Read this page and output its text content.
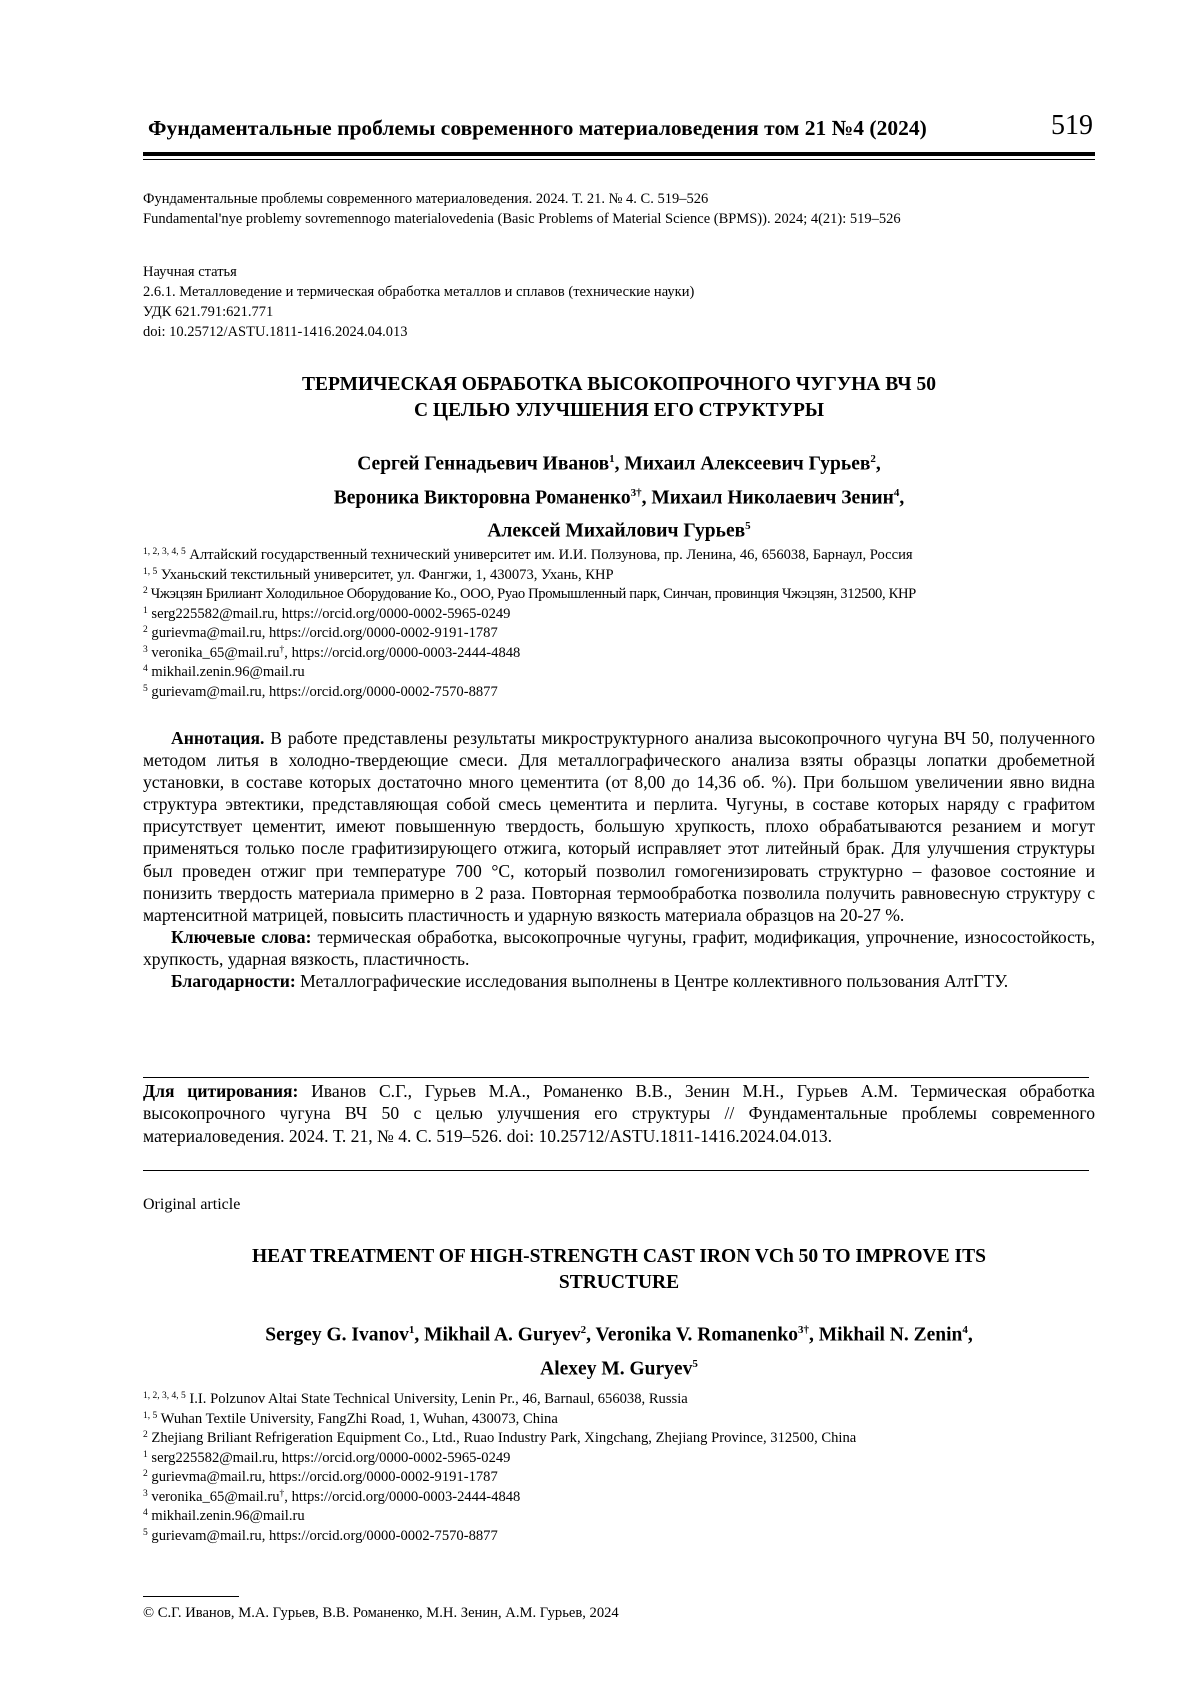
Фундаментальные проблемы современного материаловедения том 21 №4 (2024)	519
Фундаментальные проблемы современного материаловедения. 2024. Т. 21. № 4. С. 519–526
Fundamental'nye problemy sovremennogo materialovedenia (Basic Problems of Material Science (BPMS)). 2024; 4(21): 519–526
Научная статья
2.6.1. Металловедение и термическая обработка металлов и сплавов (технические науки)
УДК 621.791:621.771
doi: 10.25712/ASTU.1811-1416.2024.04.013
ТЕРМИЧЕСКАЯ ОБРАБОТКА ВЫСОКОПРОЧНОГО ЧУГУНА ВЧ 50
С ЦЕЛЬЮ УЛУЧШЕНИЯ ЕГО СТРУКТУРЫ
Сергей Геннадьевич Иванов$^1$, Михаил Алексеевич Гурьев$^2$,
Вероника Викторовна Романенко$^{3\dagger}$, Михаил Николаевич Зенин$^4$,
Алексей Михайлович Гурьев$^5$
$^{1, 2, 3, 4, 5}$ Алтайский государственный технический университет им. И.И. Ползунова, пр. Ленина, 46, 656038, Барнаул, Россия
$^{1, 5}$ Уханьский текстильный университет, ул. Фангжи, 1, 430073, Ухань, КНР
$^2$ Чжэцзян Брилиант Холодильное Оборудование Ко., ООО, Руао Промышленный парк, Синчан, провинция Чжэцзян, 312500, КНР
$^1$ serg225582@mail.ru, https://orcid.org/0000-0002-5965-0249
$^2$ gurievma@mail.ru, https://orcid.org/0000-0002-9191-1787
$^3$ veronika_65@mail.ru†, https://orcid.org/0000-0003-2444-4848
$^4$ mikhail.zenin.96@mail.ru
$^5$ gurievam@mail.ru, https://orcid.org/0000-0002-7570-8877

Аннотация. В работе представлены результаты микроструктурного анализа высокопрочного чугуна ВЧ 50, полученного методом литья в холодно-твердеющие смеси. Для металлографического анализа взяты образцы лопатки дробеметной установки, в составе которых достаточно много цементита (от 8,00 до 14,36 об. %). При большом увеличении явно видна структура эвтектики, представляющая собой смесь цементита и перлита. Чугуны, в составе которых наряду с графитом присутствует цементит, имеют повышенную твердость, большую хрупкость, плохо обрабатываются резанием и могут применяться только после графитизирующего отжига, который исправляет этот литейный брак. Для улучшения структуры был проведен отжиг при температуре 700 °С, который позволил гомогенизировать структурно – фазовое состояние и понизить твердость материала примерно в 2 раза. Повторная термообработка позволила получить равновесную структуру с мартенситной матрицей, повысить пластичность и ударную вязкость материала образцов на 20-27 %.

Ключевые слова: термическая обработка, высокопрочные чугуны, графит, модификация, упрочнение, износостойкость, хрупкость, ударная вязкость, пластичность.

Благодарности: Металлографические исследования выполнены в Центре коллективного пользования АлтГТУ.

Для цитирования: Иванов С.Г., Гурьев М.А., Романенко В.В., Зенин М.Н., Гурьев А.М. Термическая обработка высокопрочного чугуна ВЧ 50 с целью улучшения его структуры // Фундаментальные проблемы современного материаловедения. 2024. Т. 21, № 4. С. 519–526. doi: 10.25712/ASTU.1811-1416.2024.04.013.
Original article
HEAT TREATMENT OF HIGH-STRENGTH CAST IRON VCh 50 TO IMPROVE ITS
STRUCTURE
Sergey G. Ivanov$^1$, Mikhail A. Guryev$^2$, Veronika V. Romanenko$^{3\dagger}$, Mikhail N. Zenin$^4$,
Alexey M. Guryev$^5$
$^{1, 2, 3, 4, 5}$ I.I. Polzunov Altai State Technical University, Lenin Pr., 46, Barnaul, 656038, Russia
$^{1, 5}$ Wuhan Textile University, FangZhi Road, 1, Wuhan, 430073, China
$^2$ Zhejiang Briliant Refrigeration Equipment Co., Ltd., Ruao Industry Park, Xingchang, Zhejiang Province, 312500, China
$^1$ serg225582@mail.ru, https://orcid.org/0000-0002-5965-0249
$^2$ gurievma@mail.ru, https://orcid.org/0000-0002-9191-1787
$^3$ veronika_65@mail.ru†, https://orcid.org/0000-0003-2444-4848
$^4$ mikhail.zenin.96@mail.ru
$^5$ gurievam@mail.ru, https://orcid.org/0000-0002-7570-8877
© С.Г. Иванов, М.А. Гурьев, В.В. Романенко, М.Н. Зенин, А.М. Гурьев, 2024
